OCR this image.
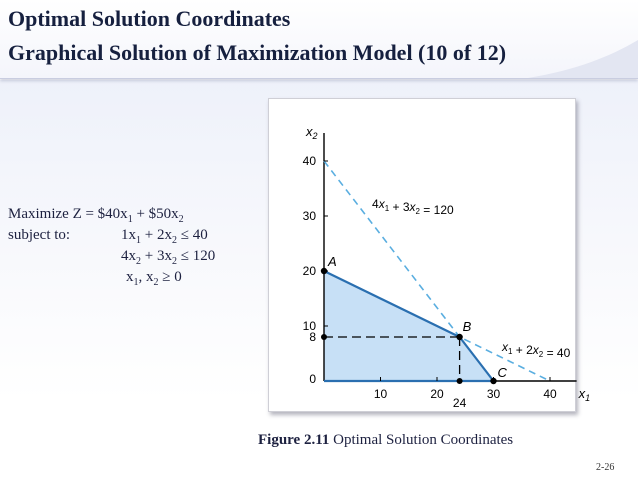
Optimal Solution Coordinates
Graphical Solution of Maximization Model (10 of 12)
Maximize $Z = \$40x_1$ + $\$50x_2$
subject to:	$1x_1 + 2x_2 \le 40$
$4x_2 + 3x_2 \le 120$
$x_1$, $x_2 \ge 0$
10	20	30	40
10
20
30
40
24
8
0
$x_1$
$x_2$
$4x_1 + 3x_2 = 120$
$x_1 + 2x_2 = 40$
A
B
C
Figure 2.11 Optimal Solution Coordinates
2-26
